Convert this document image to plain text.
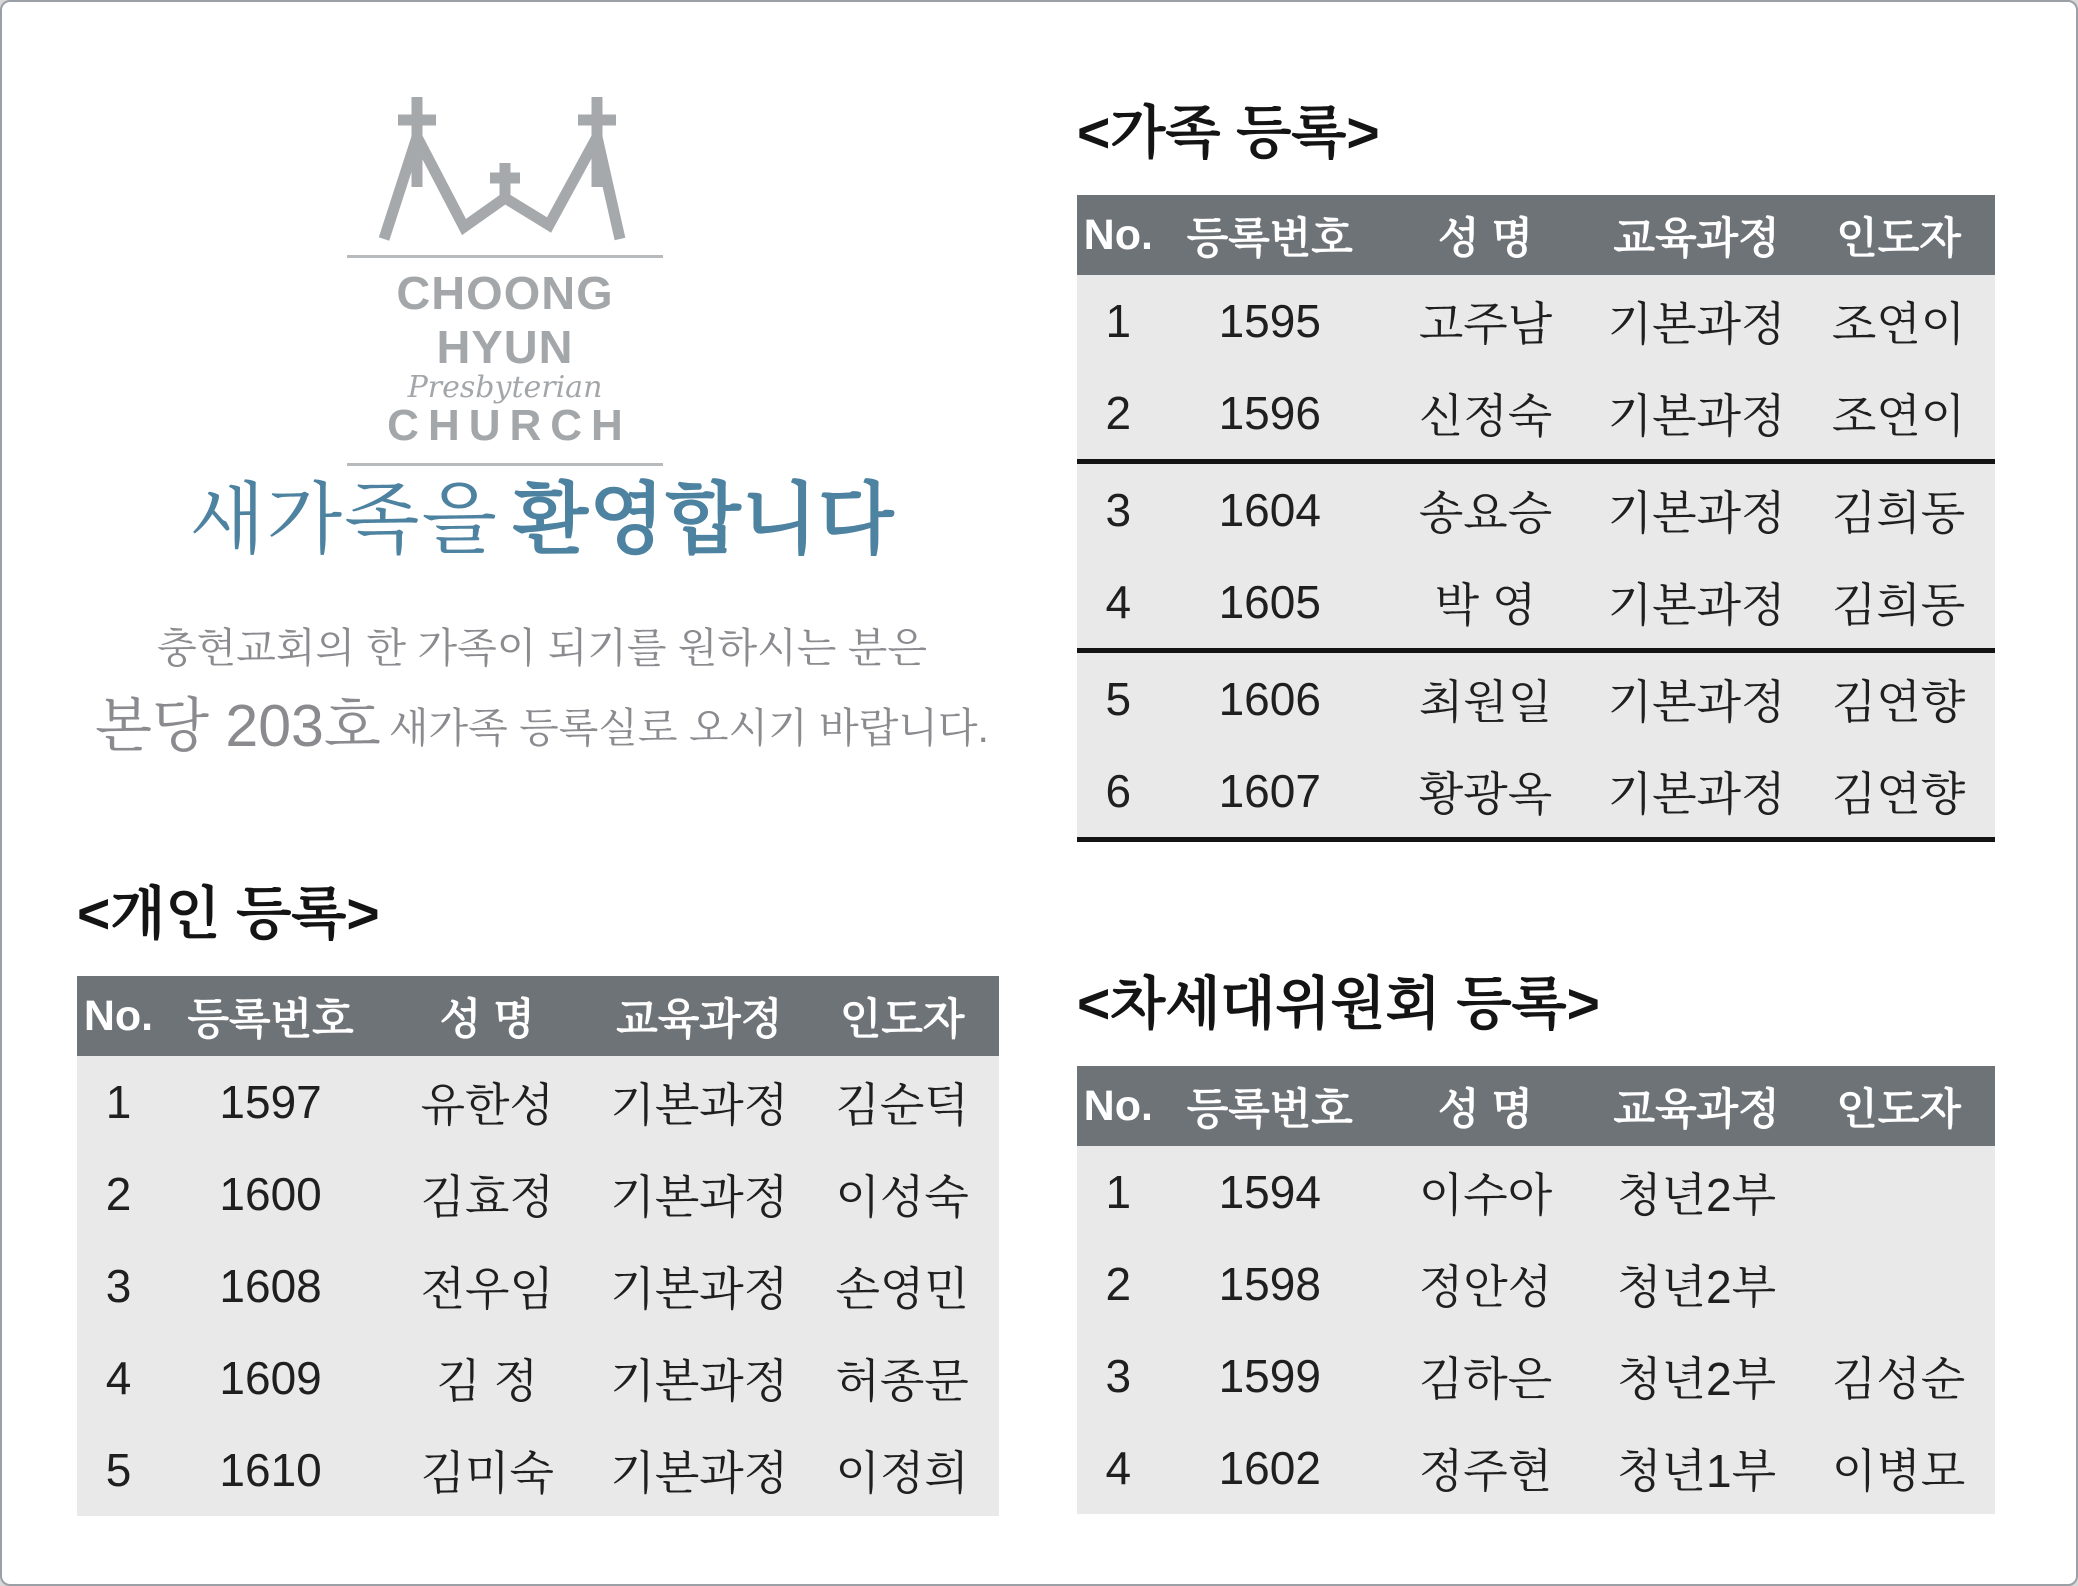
CHOONG HYUN
Presbyterian
CHURCH
새가족을 환영합니다

충현교회의 한 가족이 되기를 원하시는 분은

본당 203호 새가족 등록실로 오시기 바랍니다.

<가족 등록>
No.	등록번호	성 명	교육과정	인도자
1	1595	고주남	기본과정	조연이
2	1596	신정숙	기본과정	조연이
3	1604	송요승	기본과정	김희동
4	1605	박 영	기본과정	김희동
5	1606	최원일	기본과정	김연향
6	1607	황광옥	기본과정	김연향
<개인 등록>
No.	등록번호	성 명	교육과정	인도자
1	1597	유한성	기본과정	김순덕
2	1600	김효정	기본과정	이성숙
3	1608	전우임	기본과정	손영민
4	1609	김 정	기본과정	허종문
5	1610	김미숙	기본과정	이정희
<차세대위원회 등록>
No.	등록번호	성 명	교육과정	인도자
1	1594	이수아	청년2부	
2	1598	정안성	청년2부	
3	1599	김하은	청년2부	김성순
4	1602	정주현	청년1부	이병모
